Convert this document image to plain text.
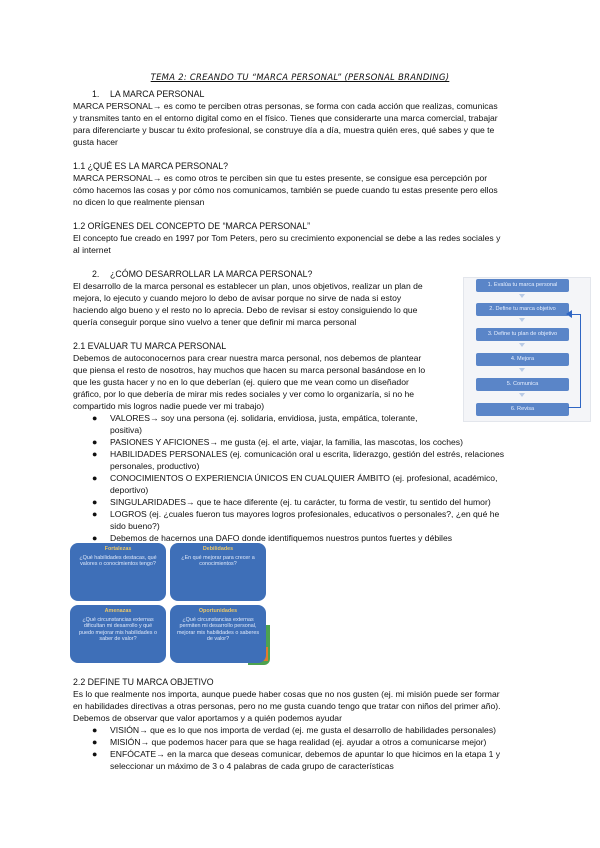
TEMA 2: CREANDO TU “MARCA PERSONAL” (PERSONAL BRANDING)
1. LA MARCA PERSONAL
MARCA PERSONAL→ es como te perciben otras personas, se forma con cada acción que realizas, comunicas
y transmites tanto en el entorno digital como en el físico. Tienes que considerarte una marca comercial, trabajar
para diferenciarte y buscar tu éxito profesional, se construye día a día, muestra quién eres, qué sabes y que te
gusta hacer
1.1 ¿QUÉ ES LA MARCA PERSONAL?
MARCA PERSONAL→ es como otros te perciben sin que tu estes presente, se consigue esa percepción por
cómo hacemos las cosas y por cómo nos comunicamos, también se puede cuando tu estas presente pero ellos
no dicen lo que realmente piensan
1.2 ORÍGENES DEL CONCEPTO DE “MARCA PERSONAL”
El concepto fue creado en 1997 por Tom Peters, pero su crecimiento exponencial se debe a las redes sociales y
al internet
2. ¿CÓMO DESARROLLAR LA MARCA PERSONAL?
El desarrollo de la marca personal es establecer un plan, unos objetivos, realizar un plan de
mejora, lo ejecuto y cuando mejoro lo debo de avisar porque no sirve de nada si estoy
haciendo algo bueno y el resto no lo aprecia. Debo de revisar si estoy consiguiendo lo que
quería conseguir porque sino vuelvo a tener que definir mi marca personal
1. Evalúa tu marca personal
2. Define tu marca objetivo
3. Define tu plan de objetivo
4. Mejora
5. Comunica
6. Revisa
2.1 EVALUAR TU MARCA PERSONAL
Debemos de autoconocernos para crear nuestra marca personal, nos debemos de plantear
que piensa el resto de nosotros, hay muchos que hacen su marca personal basándose en lo
que les gusta hacer y no en lo que deberían (ej. quiero que me vean como un diseñador
gráfico, por lo que debería de mirar mis redes sociales y ver como lo organizaría, si no he
compartido mis logros nadie puede ver mi trabajo)
● VALORES→ soy una persona (ej. solidaria, envidiosa, justa, empática, tolerante,
positiva)
● PASIONES Y AFICIONES→ me gusta (ej. el arte, viajar, la familia, las mascotas, los coches)
● HABILIDADES PERSONALES (ej. comunicación oral u escrita, liderazgo, gestión del estrés, relaciones
personales, productivo)
● CONOCIMIENTOS O EXPERIENCIA ÚNICOS EN CUALQUIER ÁMBITO (ej. profesional, académico,
deportivo)
● SINGULARIDADES→ que te hace diferente (ej. tu carácter, tu forma de vestir, tu sentido del humor)
● LOGROS (ej. ¿cuales fueron tus mayores logros profesionales, educativos o personales?, ¿en qué he
sido bueno?)
● Debemos de hacernos una DAFO donde identifiquemos nuestros puntos fuertes y débiles
Fortalezas
¿Qué habilidades destacas, qué valores o conocimientos tengo?
Debilidades
¿En qué mejorar para crecer a conocimientos?
Amenazas
¿Qué circunstancias externas dificultan mi desarrollo y qué puedo mejorar mis habilidades o saber de valor?
Oportunidades
¿Qué circunstancias externas permiten mi desarrollo personal, mejorar mis habilidades o saberes de valor?
2.2 DEFINE TU MARCA OBJETIVO
Es lo que realmente nos importa, aunque puede haber cosas que no nos gusten (ej. mi misión puede ser formar
en habilidades directivas a otras personas, pero no me gusta cuando tengo que tratar con niños del primer año).
Debemos de observar que valor aportamos y a quién podemos ayudar
● VISIÓN→ que es lo que nos importa de verdad (ej. me gusta el desarrollo de habilidades personales)
● MISIÓN→ que podemos hacer para que se haga realidad (ej. ayudar a otros a comunicarse mejor)
● ENFÓCATE→ en la marca que deseas comunicar, debemos de apuntar lo que hicimos en la etapa 1 y
seleccionar un máximo de 3 o 4 palabras de cada grupo de características
